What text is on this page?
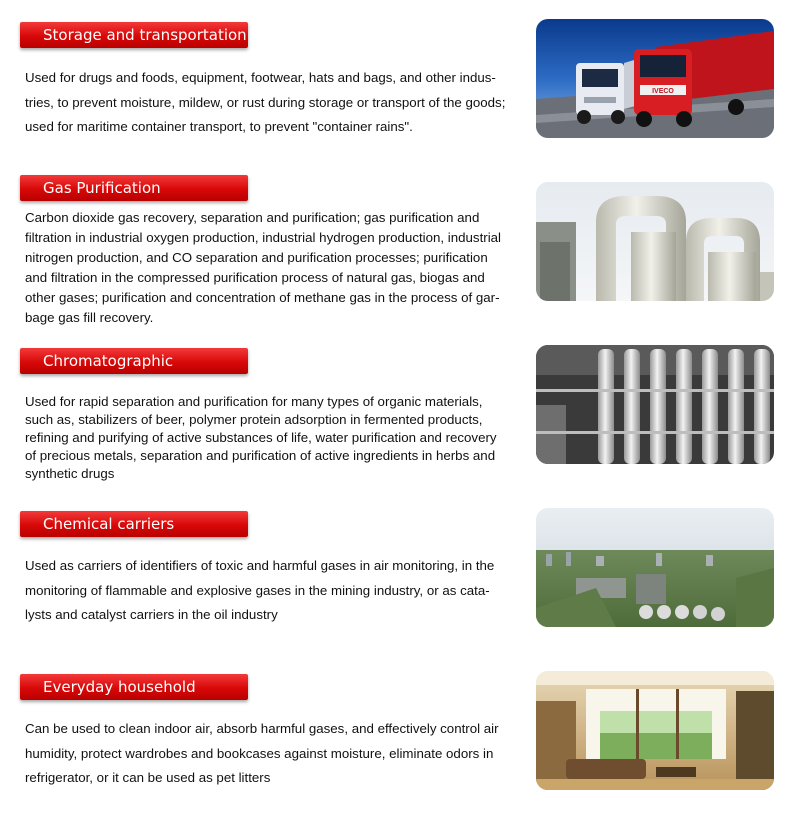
Storage and transportation
Used for drugs and foods, equipment, footwear, hats and bags, and other indus-
tries, to prevent moisture, mildew, or rust during storage or transport of the goods;
used for maritime container transport, to prevent "container rains".
IVECO
Gas Purification
Carbon dioxide gas recovery, separation and purification; gas purification and
filtration in industrial oxygen production, industrial hydrogen production, industrial
nitrogen production, and CO separation and purification processes; purification
and filtration in the compressed purification process of natural gas, biogas and
other gases; purification and concentration of methane gas in the process of gar-
bage gas fill recovery.
Chromatographic separation
Used for rapid separation and purification for many types of organic materials,
such as, stabilizers of beer, polymer protein adsorption in fermented products,
refining and purifying of active substances of life, water purification and recovery
of precious metals, separation and purification of active ingredients in herbs and
synthetic drugs
Chemical carriers
Used as carriers of identifiers of toxic and harmful gases in air monitoring, in the
monitoring of flammable and explosive gases in the mining industry, or as cata-
lysts and catalyst carriers in the oil industry
Everyday household
Can be used to clean indoor air, absorb harmful gases, and effectively control air
humidity, protect wardrobes and bookcases against moisture, eliminate odors in
refrigerator, or it can be used as pet litters
